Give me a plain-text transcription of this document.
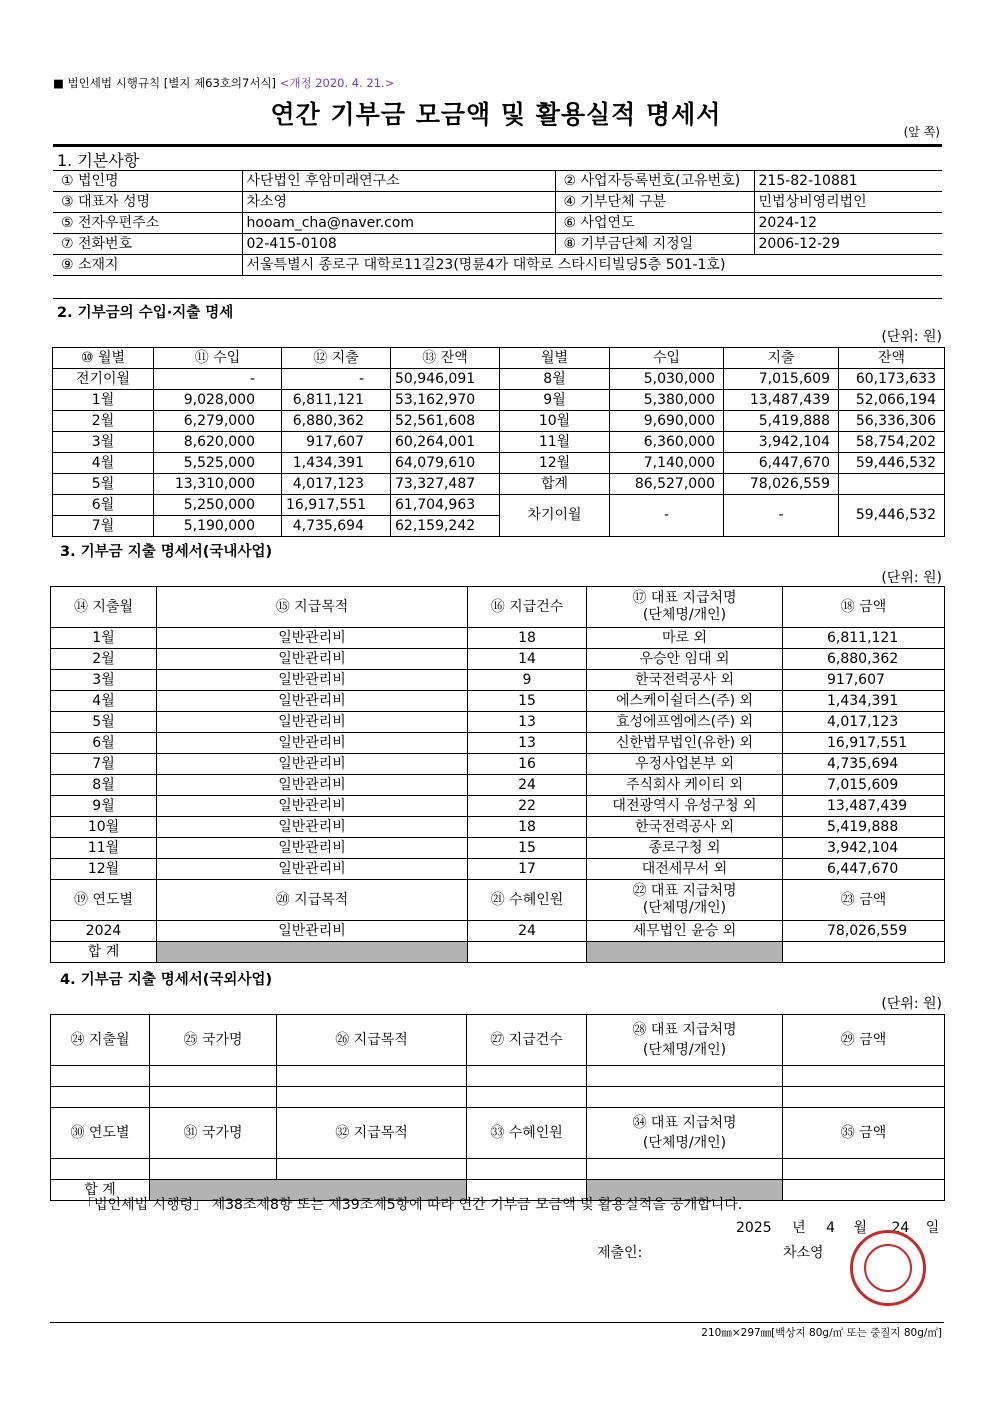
■ 법인세법 시행규칙 [별지 제63호의7서식] <개정 2020. 4. 21.>
연간 기부금 모금액 및 활용실적 명세서
(앞 쪽)
1. 기본사항
① 법인명	사단법인 후암미래연구소	② 사업자등록번호(고유번호)	215-82-10881
③ 대표자 성명	차소영	④ 기부단체 구분	민법상비영리법인
⑤ 전자우편주소	hooam_cha@naver.com	⑥ 사업연도	2024-12
⑦ 전화번호	02-415-0108	⑧ 기부금단체 지정일	2006-12-29
⑨ 소재지	서울특별시 종로구 대학로11길23(명륜4가 대학로 스타시티빌딩5층 501-1호)		
2. 기부금의 수입·지출 명세
(단위: 원)
⑩ 월별	⑪ 수입	⑫ 지출	⑬ 잔액	월별	수입	지출	잔액
전기이월	-	-	50,946,091	8월	5,030,000	7,015,609	60,173,633
1월	9,028,000	6,811,121	53,162,970	9월	5,380,000	13,487,439	52,066,194
2월	6,279,000	6,880,362	52,561,608	10월	9,690,000	5,419,888	56,336,306
3월	8,620,000	917,607	60,264,001	11월	6,360,000	3,942,104	58,754,202
4월	5,525,000	1,434,391	64,079,610	12월	7,140,000	6,447,670	59,446,532
5월	13,310,000	4,017,123	73,327,487	합계	86,527,000	78,026,559	
6월	5,250,000	16,917,551	61,704,963	차기이월	-	-	59,446,532
7월	5,190,000	4,735,694	62,159,242				
3. 기부금 지출 명세서(국내사업)
(단위: 원)
⑭ 지출월	⑮ 지급목적	⑯ 지급건수	⑰ 대표 지급처명
(단체명/개인)	⑱ 금액
1월	일반관리비	18	마로 외	6,811,121
2월	일반관리비	14	우승안 임대 외	6,880,362
3월	일반관리비	9	한국전력공사 외	917,607
4월	일반관리비	15	에스케이쉴더스(주) 외	1,434,391
5월	일반관리비	13	효성에프엠에스(주) 외	4,017,123
6월	일반관리비	13	신한법무법인(유한) 외	16,917,551
7월	일반관리비	16	우정사업본부 외	4,735,694
8월	일반관리비	24	주식회사 케이티 외	7,015,609
9월	일반관리비	22	대전광역시 유성구청 외	13,487,439
10월	일반관리비	18	한국전력공사 외	5,419,888
11월	일반관리비	15	종로구청 외	3,942,104
12월	일반관리비	17	대전세무서 외	6,447,670
⑲ 연도별	⑳ 지급목적	㉑ 수혜인원	㉒ 대표 지급처명
(단체명/개인)	㉓ 금액
2024	일반관리비	24	세무법인 윤승 외	78,026,559
합 계				
4. 기부금 지출 명세서(국외사업)
(단위: 원)
㉔ 지출월	㉕ 국가명	㉖ 지급목적	㉗ 지급건수	㉘ 대표 지급처명
(단체명/개인)	㉙ 금액

㉚ 연도별	㉛ 국가명	㉜ 지급목적	㉝ 수혜인원	㉞ 대표 지급처명
(단체명/개인)	㉟ 금액

합 계					
「법인세법 시행령」 제38조제8항 또는 제39조제5항에 따라 연간 기부금 모금액 및 활용실적을 공개합니다.
2025 년 4 월 24 일
제출인:	차소영
210㎜×297㎜[백상지 80g/㎡ 또는 중질지 80g/㎡]
